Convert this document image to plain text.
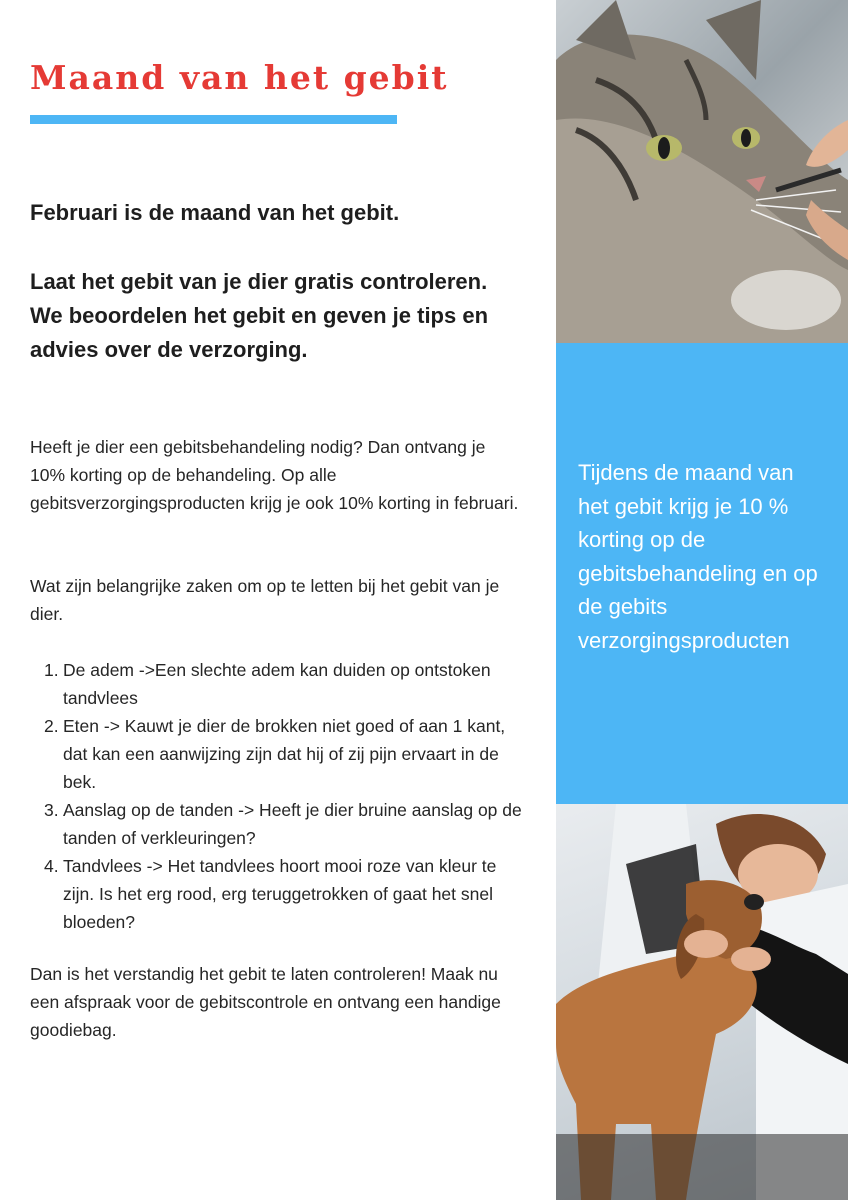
Maand van het gebit

Februari is de maand van het gebit.

Laat het gebit van je dier gratis controleren. We beoordelen het gebit en geven je tips en advies over de verzorging.

Heeft je dier een gebitsbehandeling nodig? Dan ontvang je 10% korting op de behandeling. Op alle gebitsverzorgingsproducten krijg je ook 10% korting in februari.

Wat zijn belangrijke zaken om op te letten bij het gebit van je dier.

1. De adem ->Een slechte adem kan duiden op ontstoken tandvlees
2. Eten -> Kauwt je dier de brokken niet goed of aan 1 kant, dat kan een aanwijzing zijn dat hij of zij pijn ervaart in de bek.
3. Aanslag op de tanden -> Heeft je dier bruine aanslag op de tanden of verkleuringen?
4. Tandvlees -> Het tandvlees hoort mooi roze van kleur te zijn. Is het erg rood, erg teruggetrokken of gaat het snel bloeden?

Dan is het verstandig het gebit te laten controleren! Maak nu een afspraak voor de gebitscontrole en ontvang een handige goodiebag.

Tijdens de maand van het gebit krijg je 10 % korting op de gebitsbehandeling en op de gebits verzorgingsproducten
